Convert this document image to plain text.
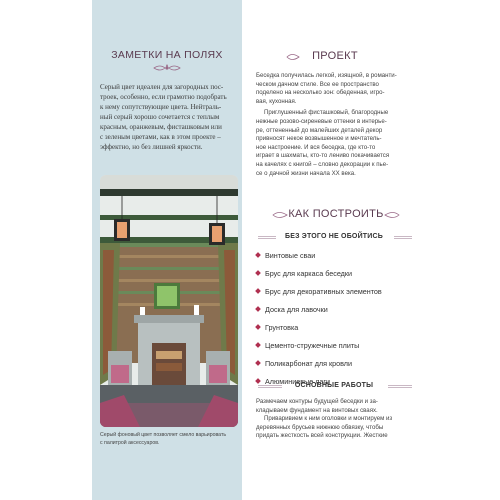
ЗАМЕТКИ НА ПОЛЯХ
Серый цвет идеален для загородных пос-
троек, особенно, если грамотно подобрать
к нему сопутствующие цвета. Нейтраль-
ный серый хорошо сочетается с теплым
красным, оранжевым, фисташковым или
с зеленым цветами, как в этом проекте –
эффектно, но без лишней яркости.
Серый фоновый цвет позволяет смело варьировать
с палитрой аксессуаров.
ПРОЕКТ

Беседка получилась легкой, изящной, в романти-
ческом дачном стиле. Все ее пространство
поделено на несколько зон: обеденная, игро-
вая, кухонная.

Приглушенный фисташковый, благородные
нежные розово-сиреневые оттенки в интерье-
ре, оттененный до малейших деталей декор
привносят некое возвышенное и мечтатель-
ное настроение. И вся беседка, где кто-то
играет в шахматы, кто-то лениво покачивается
на качелях с книгой – словно декорации к пье-
се о дачной жизни начала XX века.

КАК ПОСТРОИТЬ
БЕЗ ЭТОГО НЕ ОБОЙТИСЬ
Винтовые сваи
Брус для каркаса беседки
Брус для декоративных элементов
Доска для лавочки
Грунтовка
Цементо-стружечные плиты
Поликарбонат для кровли
Алюминиевые лаги
ОСНОВНЫЕ РАБОТЫ
Размечаем контуры будущей беседки и за-
кладываем фундамент на винтовых сваях.
Приваривием к ним оголовки и монтируем из
деревянных брусьев нижнюю обвязку, чтобы
придать жесткость всей конструкции. Жесткие
